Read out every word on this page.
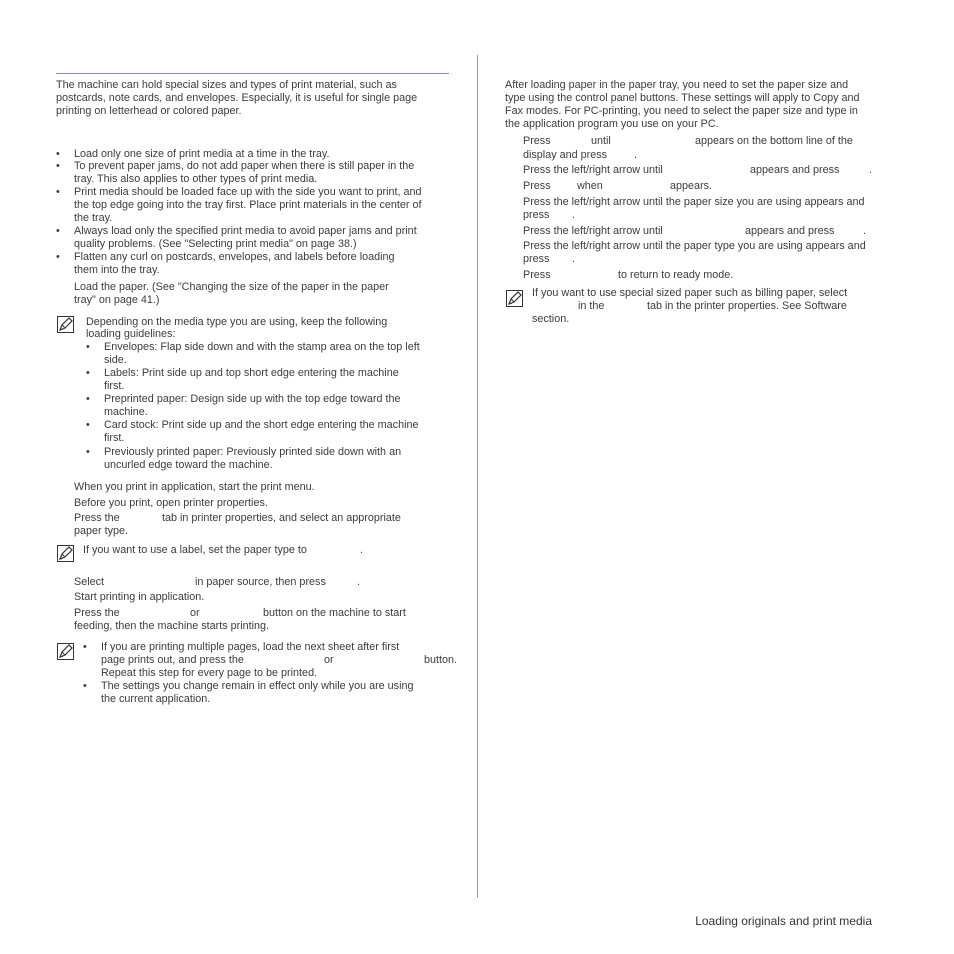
The machine can hold special sizes and types of print material, such as

postcards, note cards, and envelopes. Especially, it is useful for single page

printing on letterhead or colored paper.

• Load only one size of print media at a time in the tray.
• To prevent paper jams, do not add paper when there is still paper in the
tray. This also applies to other types of print media.
• Print media should be loaded face up with the side you want to print, and
the top edge going into the tray first. Place print materials in the center of
the tray.
• Always load only the specified print media to avoid paper jams and print
quality problems. (See "Selecting print media" on page 38.)
• Flatten any curl on postcards, envelopes, and labels before loading
them into the tray.

Load the paper. (See "Changing the size of the paper in the paper

tray" on page 41.)

Depending on the media type you are using, keep the following

loading guidelines:

• Envelopes: Flap side down and with the stamp area on the top left
side.
• Labels: Print side up and top short edge entering the machine
first.
• Preprinted paper: Design side up with the top edge toward the
machine.
• Card stock: Print side up and the short edge entering the machine
first.
• Previously printed paper: Previously printed side down with an
uncurled edge toward the machine.

When you print in application, start the print menu.

Before you print, open printer properties.

Press the	tab in printer properties, and select an appropriate

paper type.

If you want to use a label, set the paper type to	.

Select	in paper source, then press	.

Start printing in application.

Press the	or	button on the machine to start

feeding, then the machine starts printing.

• If you are printing multiple pages, load the next sheet after first
page prints out, and press the	or	button.
Repeat this step for every page to be printed.
• The settings you change remain in effect only while you are using
the current application.

After loading paper in the paper tray, you need to set the paper size and

type using the control panel buttons. These settings will apply to Copy and

Fax modes. For PC-printing, you need to select the paper size and type in

the application program you use on your PC.

Press	until	appears on the bottom line of the

display and press .

Press the left/right arrow until	appears and press	.

Press when	appears.

Press the left/right arrow until the paper size you are using appears and

press .

Press the left/right arrow until	appears and press	.

Press the left/right arrow until the paper type you are using appears and

press .

Press	to return to ready mode.

If you want to use special sized paper such as billing paper, select

in the	tab in the printer properties. See Software

section.

Loading originals and print media
